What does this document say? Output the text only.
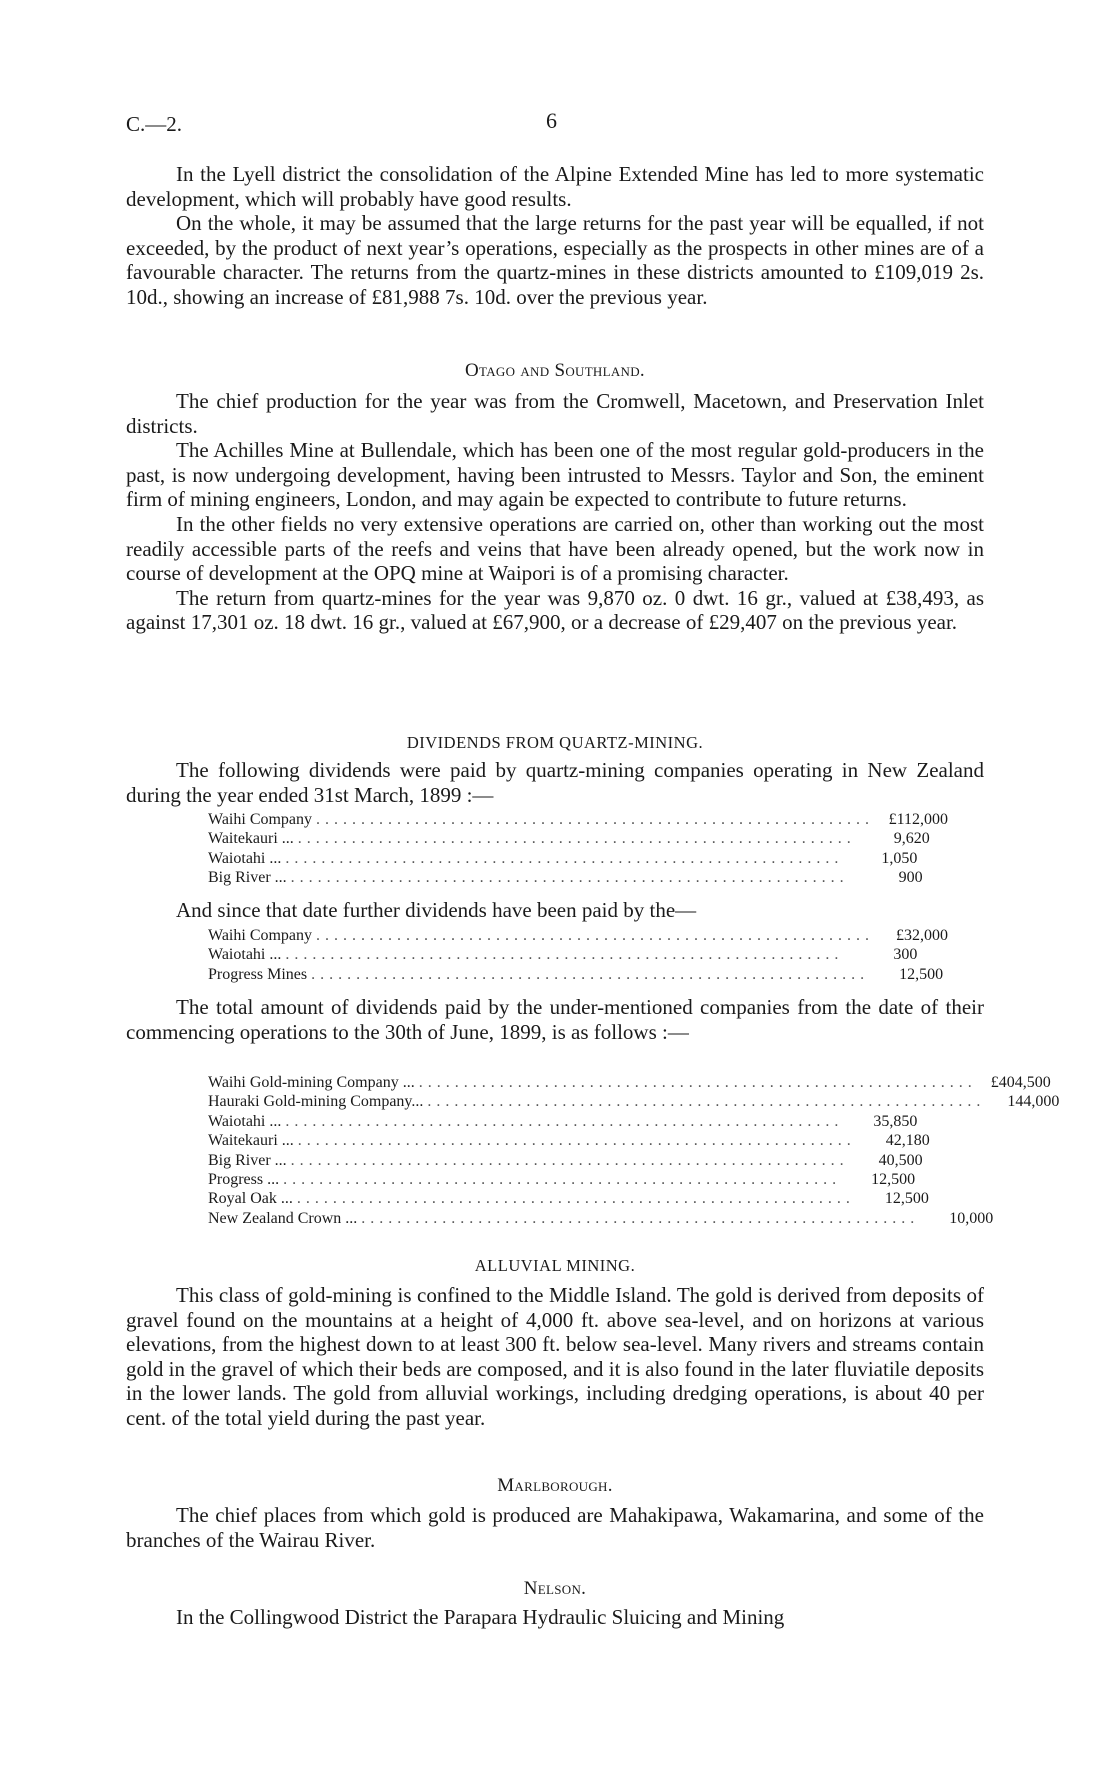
C.—2.	6

In the Lyell district the consolidation of the Alpine Extended Mine has led to more systematic development, which will probably have good results.

On the whole, it may be assumed that the large returns for the past year will be equalled, if not exceeded, by the product of next year’s operations, especially as the prospects in other mines are of a favourable character. The returns from the quartz-mines in these districts amounted to £109,019 2s. 10d., showing an increase of £81,988 7s. 10d. over the previous year.

Otago and Southland.

The chief production for the year was from the Cromwell, Macetown, and Preservation Inlet districts.

The Achilles Mine at Bullendale, which has been one of the most regular gold-producers in the past, is now undergoing development, having been intrusted to Messrs. Taylor and Son, the eminent firm of mining engineers, London, and may again be expected to contribute to future returns.

In the other fields no very extensive operations are carried on, other than working out the most readily accessible parts of the reefs and veins that have been already opened, but the work now in course of development at the OPQ mine at Waipori is of a promising character.

The return from quartz-mines for the year was 9,870 oz. 0 dwt. 16 gr., valued at £38,493, as against 17,301 oz. 18 dwt. 16 gr., valued at £67,900, or a decrease of £29,407 on the previous year.

DIVIDENDS FROM QUARTZ-MINING.

The following dividends were paid by quartz-mining companies operating in New Zealand during the year ended 31st March, 1899 :—

Waihi Company .............................................................. £112,000
Waitekauri ... ..............................................................	9,620
Waiotahi ... ..............................................................	1,050
Big River ... ..............................................................	900

And since that date further dividends have been paid by the—

Waihi Company ..............................................................	£32,000
Waiotahi ... ..............................................................	300
Progress Mines ..............................................................	12,500

The total amount of dividends paid by the under-mentioned companies from the date of their commencing operations to the 30th of June, 1899, is as follows :—

Waihi Gold-mining Company ... .............................................................. £404,500
Hauraki Gold-mining Company... ..............................................................	144,000
Waiotahi ... ..............................................................	35,850
Waitekauri ... ..............................................................	42,180
Big River ... ..............................................................	40,500
Progress ... ..............................................................	12,500
Royal Oak ... ..............................................................	12,500
New Zealand Crown ... ..............................................................	10,000
ALLUVIAL MINING.

This class of gold-mining is confined to the Middle Island. The gold is derived from deposits of gravel found on the mountains at a height of 4,000 ft. above sea-level, and on horizons at various elevations, from the highest down to at least 300 ft. below sea-level. Many rivers and streams contain gold in the gravel of which their beds are composed, and it is also found in the later fluviatile deposits in the lower lands. The gold from alluvial workings, including dredging operations, is about 40 per cent. of the total yield during the past year.

Marlborough.

The chief places from which gold is produced are Mahakipawa, Wakamarina, and some of the branches of the Wairau River.

Nelson.

In the Collingwood District the Parapara Hydraulic Sluicing and Mining
